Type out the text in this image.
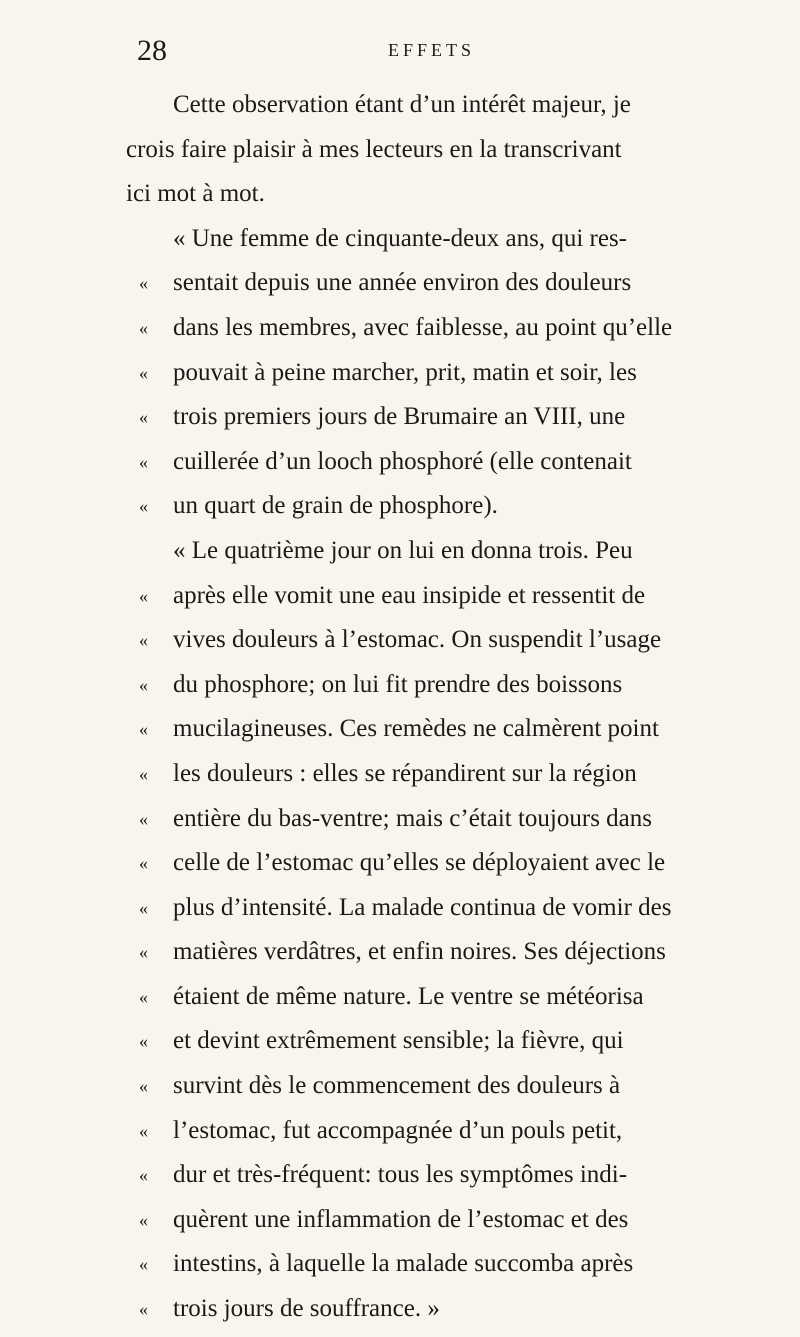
28	EFFETS
Cette observation étant d’un intérêt majeur, je
crois faire plaisir à mes lecteurs en la transcrivant
ici mot à mot.
« Une femme de cinquante-deux ans, qui res-
« sentait depuis une année environ des douleurs
« dans les membres, avec faiblesse, au point qu’elle
« pouvait à peine marcher, prit, matin et soir, les
« trois premiers jours de Brumaire an VIII, une
« cuillerée d’un looch phosphoré (elle contenait
« un quart de grain de phosphore).
« Le quatrième jour on lui en donna trois. Peu
« après elle vomit une eau insipide et ressentit de
« vives douleurs à l’estomac. On suspendit l’usage
« du phosphore; on lui fit prendre des boissons
« mucilagineuses. Ces remèdes ne calmèrent point
« les douleurs : elles se répandirent sur la région
« entière du bas-ventre; mais c’était toujours dans
« celle de l’estomac qu’elles se déployaient avec le
« plus d’intensité. La malade continua de vomir des
« matières verdâtres, et enfin noires. Ses déjections
« étaient de même nature. Le ventre se météorisa
« et devint extrêmement sensible; la fièvre, qui
« survint dès le commencement des douleurs à
« l’estomac, fut accompagnée d’un pouls petit,
« dur et très-fréquent: tous les symptômes indi-
« quèrent une inflammation de l’estomac et des
« intestins, à laquelle la malade succomba après
« trois jours de souffrance. »
